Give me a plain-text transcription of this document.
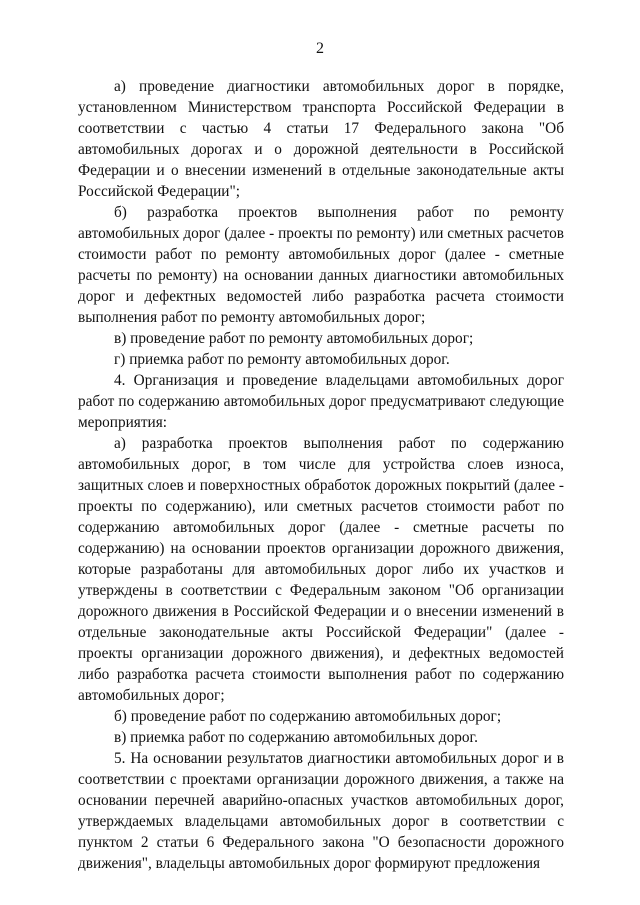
2

а) проведение диагностики автомобильных дорог в порядке, установленном Министерством транспорта Российской Федерации в соответствии с частью 4 статьи 17 Федерального закона "Об автомобильных дорогах и о дорожной деятельности в Российской Федерации и о внесении изменений в отдельные законодательные акты Российской Федерации";

б) разработка проектов выполнения работ по ремонту автомобильных дорог (далее - проекты по ремонту) или сметных расчетов стоимости работ по ремонту автомобильных дорог (далее - сметные расчеты по ремонту) на основании данных диагностики автомобильных дорог и дефектных ведомостей либо разработка расчета стоимости выполнения работ по ремонту автомобильных дорог;

в) проведение работ по ремонту автомобильных дорог;

г) приемка работ по ремонту автомобильных дорог.

4. Организация и проведение владельцами автомобильных дорог работ по содержанию автомобильных дорог предусматривают следующие мероприятия:

а) разработка проектов выполнения работ по содержанию автомобильных дорог, в том числе для устройства слоев износа, защитных слоев и поверхностных обработок дорожных покрытий (далее - проекты по содержанию), или сметных расчетов стоимости работ по содержанию автомобильных дорог (далее - сметные расчеты по содержанию) на основании проектов организации дорожного движения, которые разработаны для автомобильных дорог либо их участков и утверждены в соответствии с Федеральным законом "Об организации дорожного движения в Российской Федерации и о внесении изменений в отдельные законодательные акты Российской Федерации" (далее - проекты организации дорожного движения), и дефектных ведомостей либо разработка расчета стоимости выполнения работ по содержанию автомобильных дорог;

б) проведение работ по содержанию автомобильных дорог;

в) приемка работ по содержанию автомобильных дорог.

5. На основании результатов диагностики автомобильных дорог и в соответствии с проектами организации дорожного движения, а также на основании перечней аварийно-опасных участков автомобильных дорог, утверждаемых владельцами автомобильных дорог в соответствии с пунктом 2 статьи 6 Федерального закона "О безопасности дорожного движения", владельцы автомобильных дорог формируют предложения
